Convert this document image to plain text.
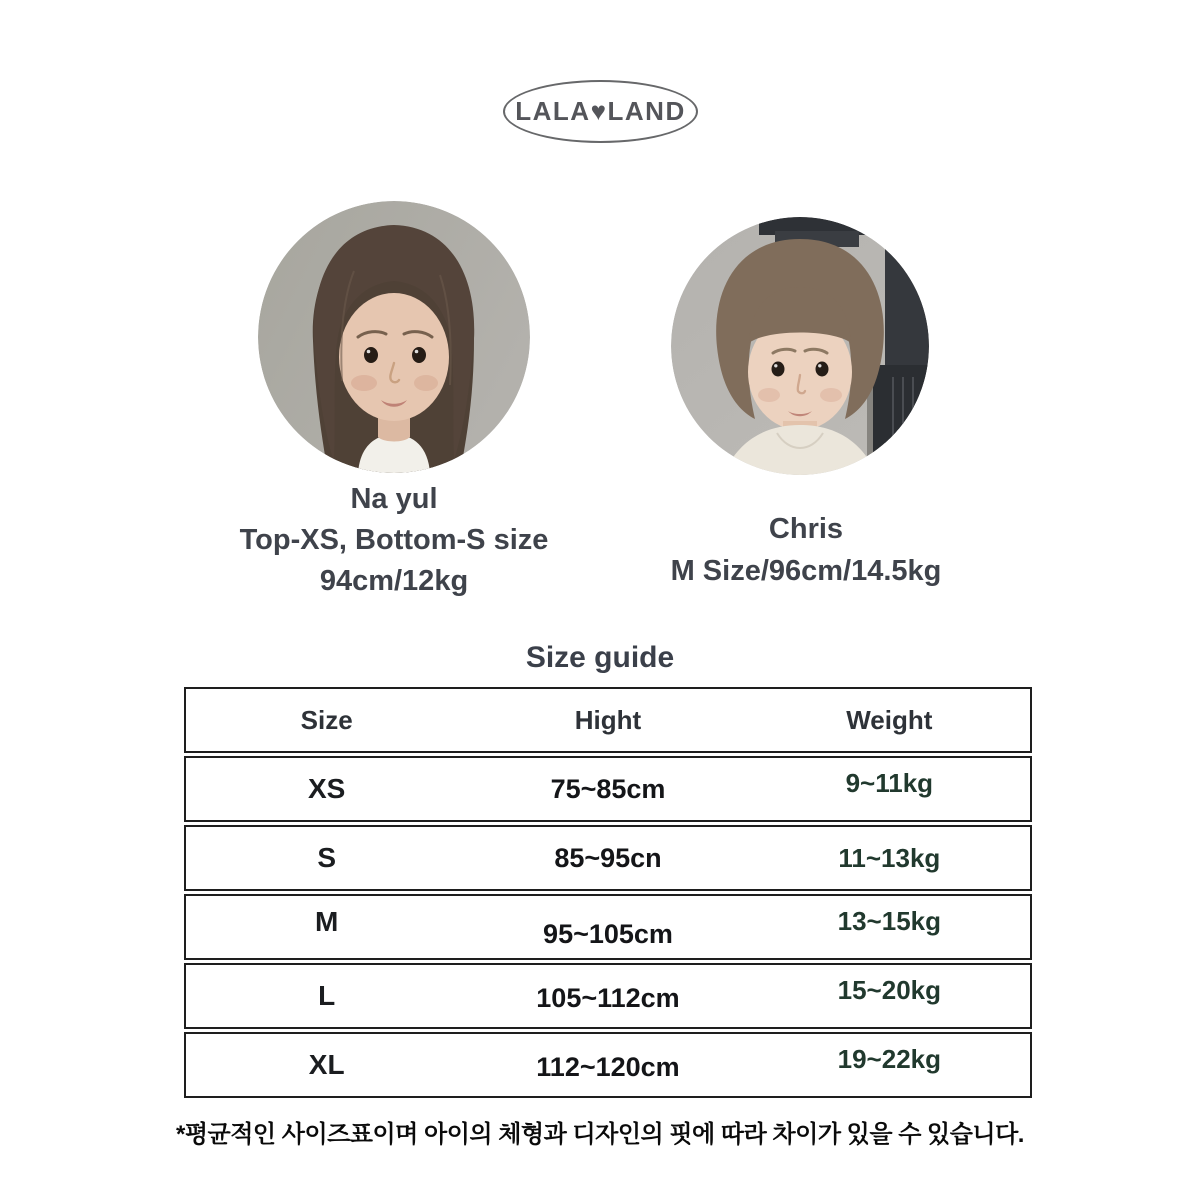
LALA♥LAND
Na yul
Top-XS, Bottom-S size
94cm/12kg
Chris
M Size/96cm/14.5kg
Size guide
Size	Hight	Weight
XS	75~85cm	9~11kg
S	85~95cn	11~13kg
M	95~105cm	13~15kg
L	105~112cm	15~20kg
XL	112~120cm	19~22kg
*평균적인 사이즈표이며 아이의 체형과 디자인의 핏에 따라 차이가 있을 수 있습니다.
